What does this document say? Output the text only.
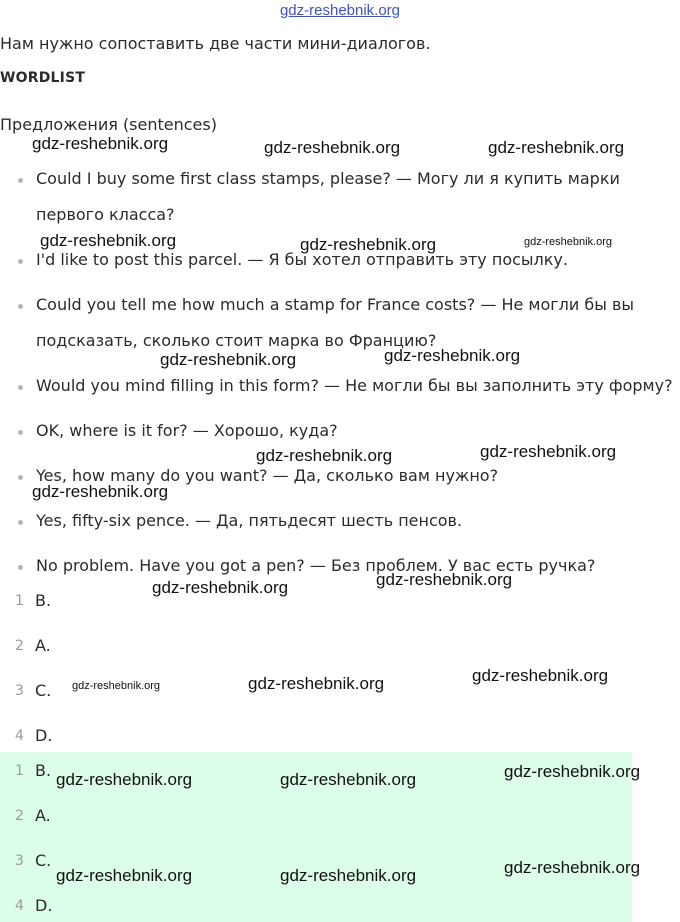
gdz-reshebnik.org
Нам нужно сопоставить две части мини-диалогов.
WORDLIST
Предложения (sentences)
Could I buy some first class stamps, please? — Могу ли я купить марки
первого класса?
I'd like to post this parcel. — Я бы хотел отправить эту посылку.
Could you tell me how much a stamp for France costs? — Не могли бы вы
подсказать, сколько стоит марка во Францию?
Would you mind filling in this form? — Не могли бы вы заполнить эту форму?
OK, where is it for? — Хорошо, куда?
Yes, how many do you want? — Да, сколько вам нужно?
Yes, fifty-six pence. — Да, пятьдесят шесть пенсов.
No problem. Have you got a pen? — Без проблем. У вас есть ручка?
1 B.
2 A.
3 C.
4 D.
1 B.
2 A.
3 C.
4 D.
gdz-reshebnik.org	gdz-reshebnik.org	gdz-reshebnik.org
gdz-reshebnik.org	gdz-reshebnik.org	gdz-reshebnik.org
gdz-reshebnik.org	gdz-reshebnik.org
gdz-reshebnik.org	gdz-reshebnik.org
gdz-reshebnik.org
gdz-reshebnik.org
gdz-reshebnik.org
gdz-reshebnik.org	gdz-reshebnik.org	gdz-reshebnik.org
gdz-reshebnik.org	gdz-reshebnik.org	gdz-reshebnik.org
gdz-reshebnik.org	gdz-reshebnik.org	gdz-reshebnik.org
